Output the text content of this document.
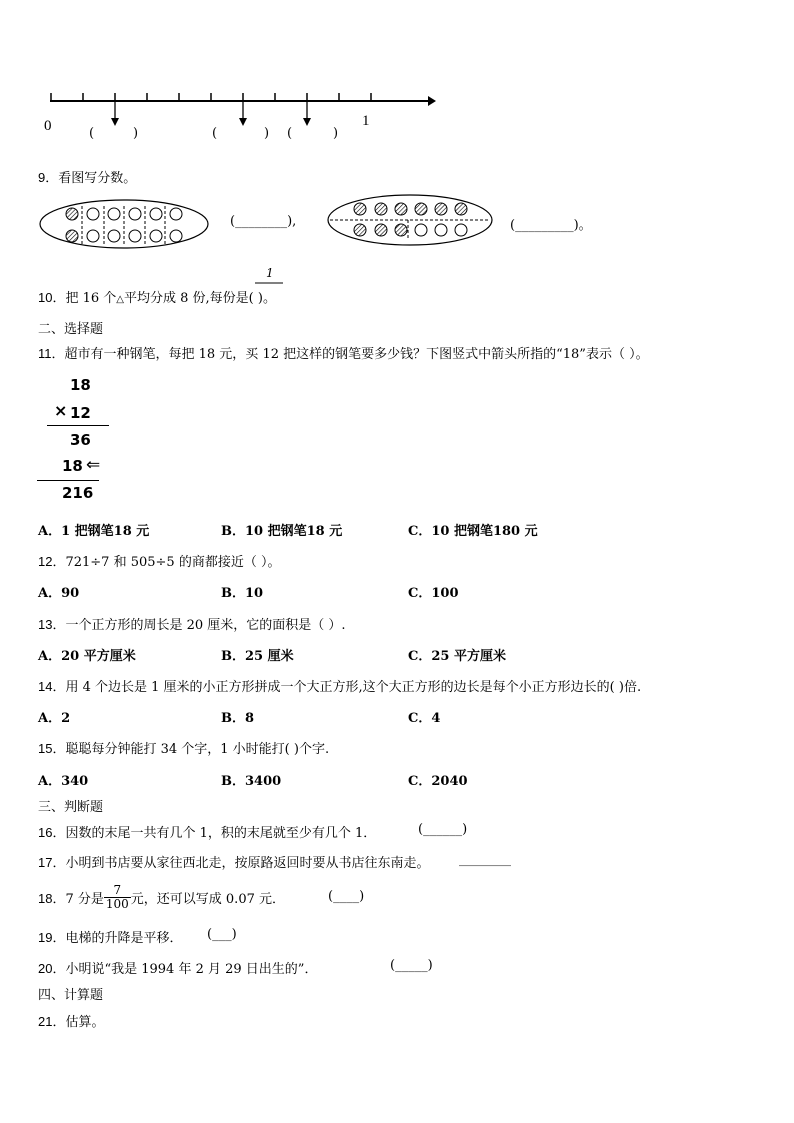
0	1
(	)	(	) (	)
9．看图写分数。
(________),	(_________)。
1
10．把 16 个△平均分成 8 份,每份是( )。
二、选择题
11．超市有一种钢笔，每把 18 元，买 12 把这样的钢笔要多少钱？下图竖式中箭头所指的“18”表示（ ）。
18
× 12
36
18 ⇐
216
A．1 把钢笔18 元	B．10 把钢笔18 元	C．10 把钢笔180 元
12．721÷7 和 505÷5 的商都接近（ ）。
A．90	B．10	C．100
13．一个正方形的周长是 20 厘米，它的面积是（ ）.
A．20 平方厘米	B．25 厘米	C．25 平方厘米
14．用 4 个边长是 1 厘米的小正方形拼成一个大正方形,这个大正方形的边长是每个小正方形边长的( )倍.
A．2	B．8	C．4
15．聪聪每分钟能打 34 个字，1 小时能打( )个字.
A．340	B．3400	C．2040
三、判断题
16．因数的末尾一共有几个 1，积的末尾就至少有几个 1．	(______)
17．小明到书店要从家往西北走，按原路返回时要从书店往东南走。 ________
18． 7 分是 $\frac{7}{100}$ 元，还可以写成 0.07 元．	(____)
19．电梯的升降是平移． (___)
20．小明说“我是 1994 年 2 月 29 日出生的”．	(_____)
四、计算题
21．估算。
